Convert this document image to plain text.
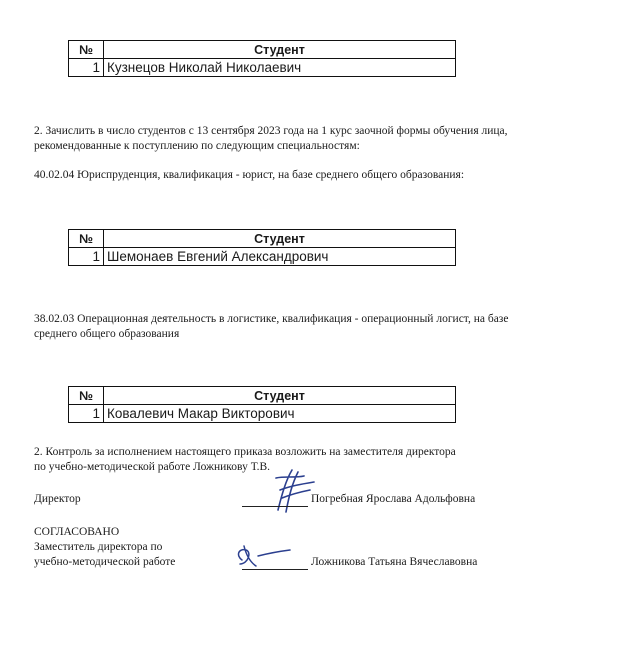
№	Студент
1	Кузнецов Николай Николаевич
2. Зачислить в число студентов с 13 сентября 2023 года на 1 курс заочной формы обучения лица,
рекомендованные к поступлению по следующим специальностям:
40.02.04 Юриспруденция, квалификация - юрист, на базе среднего общего образования:
№	Студент
1	Шемонаев Евгений Александрович
38.02.03 Операционная деятельность в логистике, квалификация - операционный логист, на базе
среднего общего образования
№	Студент
1	Ковалевич Макар Викторович
2. Контроль за исполнением настоящего приказа возложить на заместителя директора
по учебно-методической работе Ложникову Т.В.
Директор	Погребная Ярослава Адольфовна
СОГЛАСОВАНО
Заместитель директора по
учебно-методической работе	Ложникова Татьяна Вячеславовна
